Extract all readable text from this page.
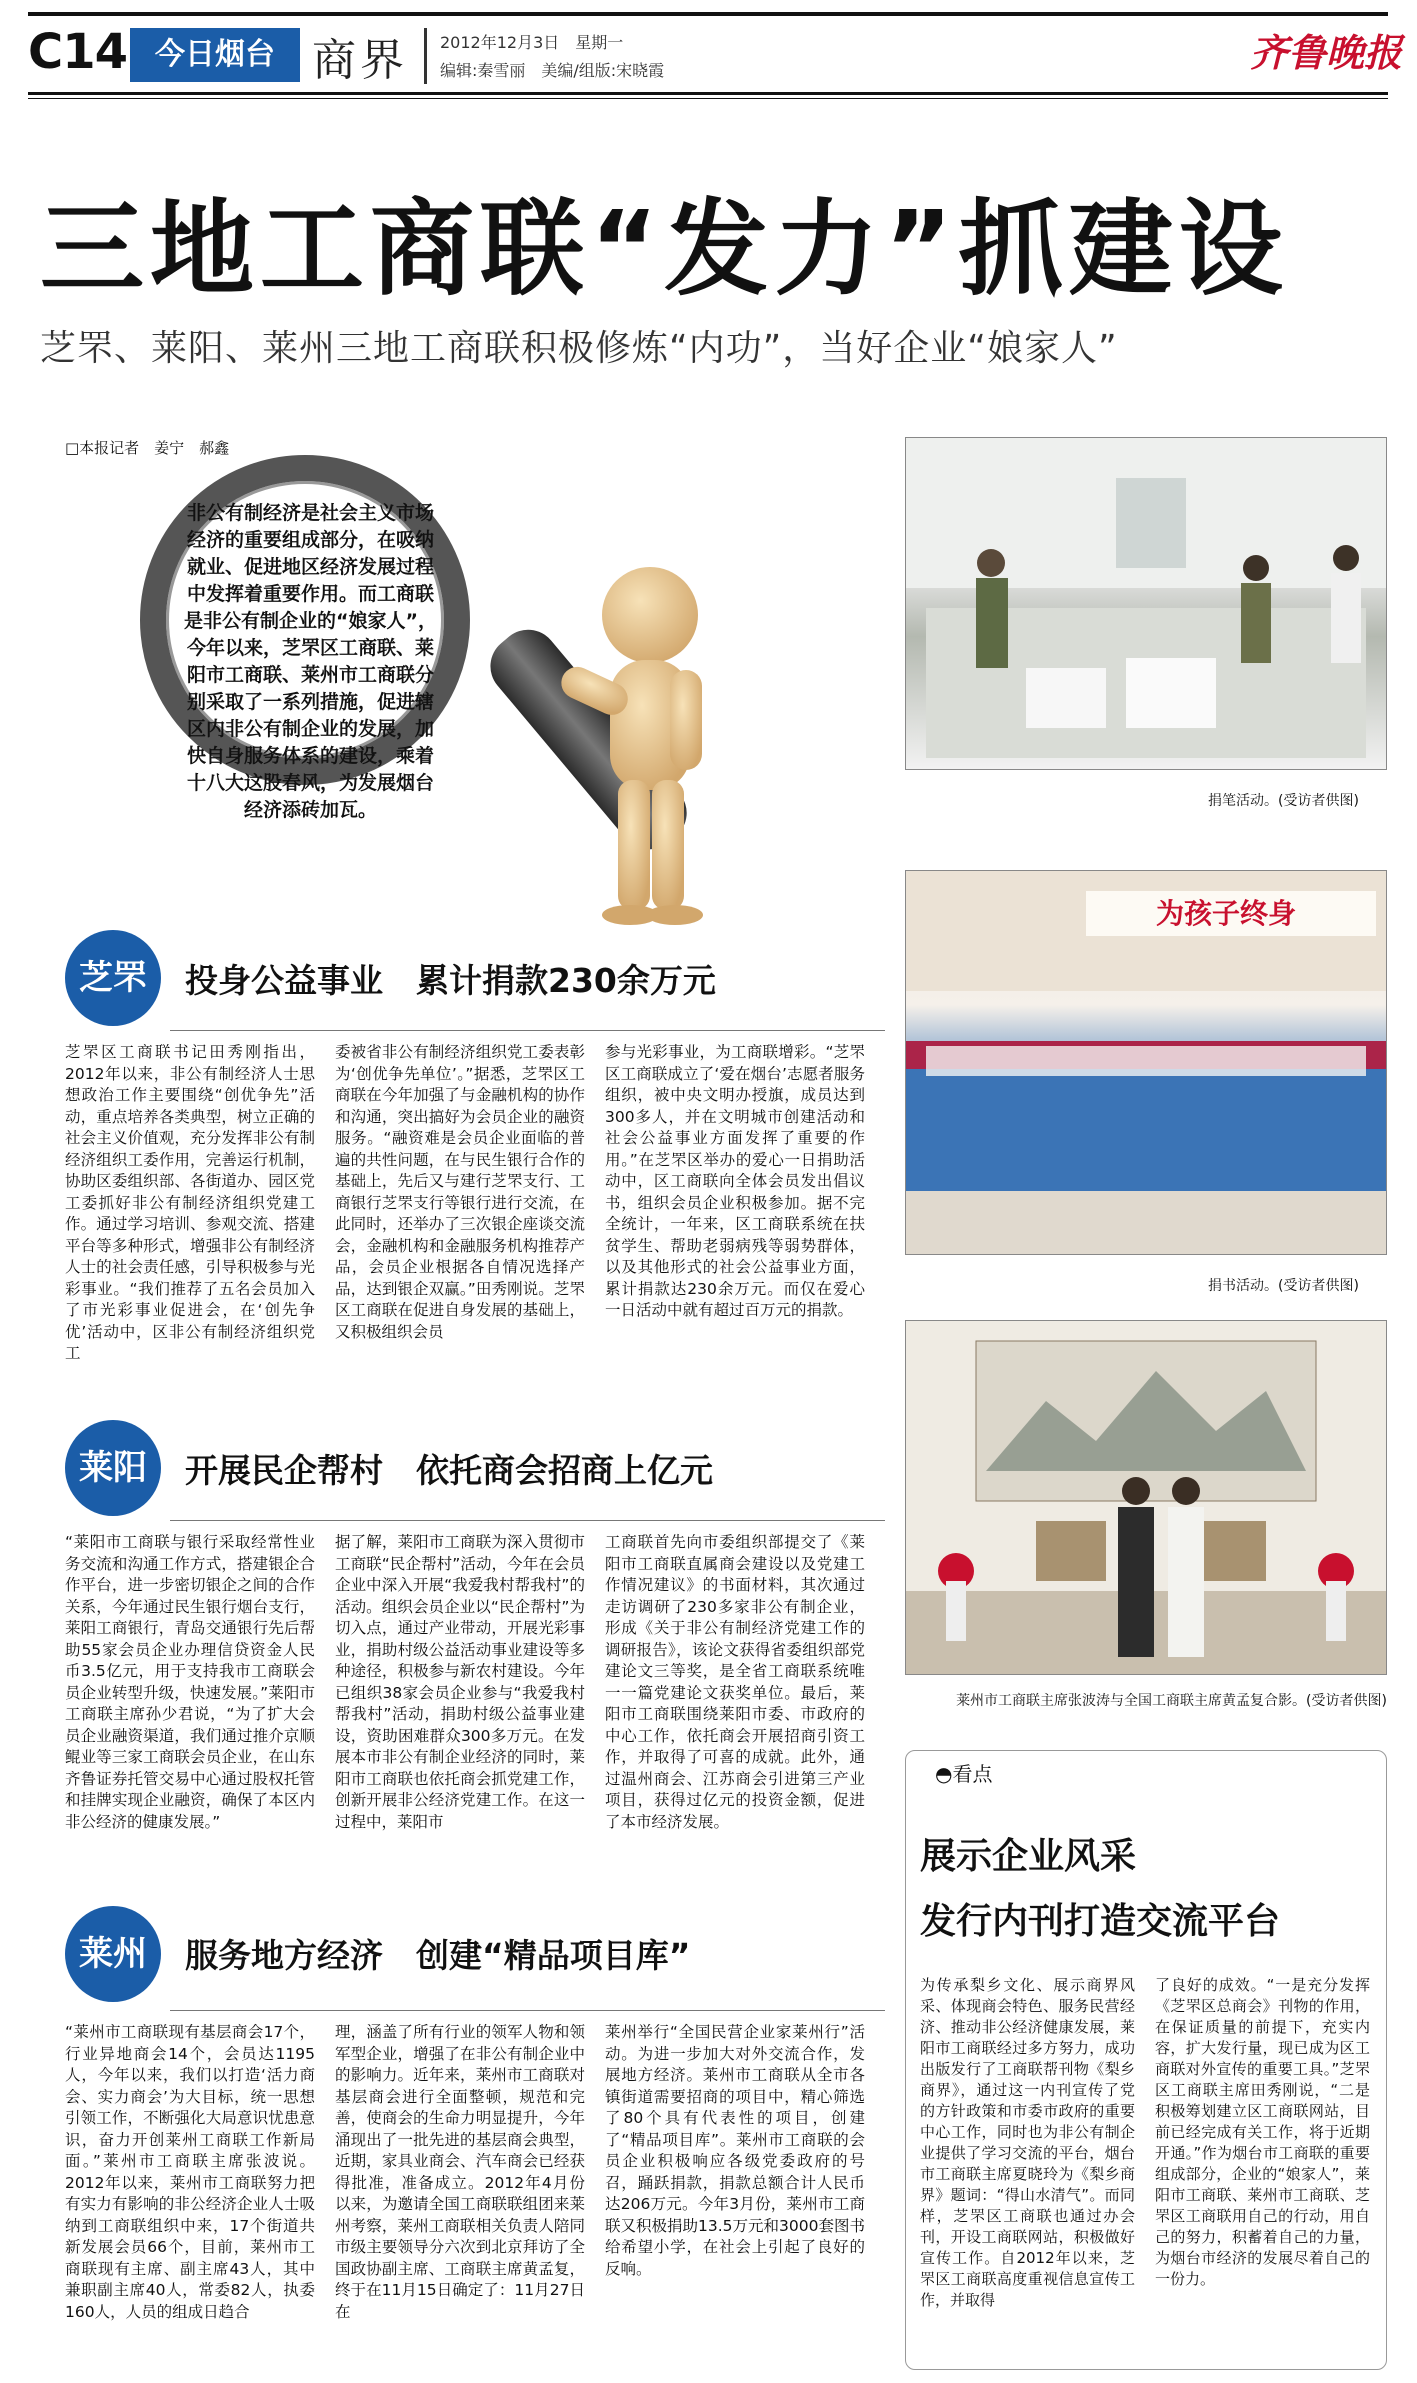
C14 今日烟台 商界 2012年12月3日　星期一
编辑:秦雪丽　美编/组版:宋晓霞	齐鲁晚报
三地工商联“发力”抓建设
芝罘、莱阳、莱州三地工商联积极修炼“内功”，当好企业“娘家人”
□本报记者　姜宁　郝鑫
非公有制经济是社会主义市场经济的重要组成部分，在吸纳就业、促进地区经济发展过程中发挥着重要作用。而工商联是非公有制企业的“娘家人”，今年以来，芝罘区工商联、莱阳市工商联、莱州市工商联分别采取了一系列措施，促进辖区内非公有制企业的发展，加快自身服务体系的建设，乘着十八大这股春风，为发展烟台经济添砖加瓦。	捐笔活动。(受访者供图)
为孩子终身
捐书活动。(受访者供图)
莱州市工商联主席张波涛与全国工商联主席黄孟复合影。(受访者供图)
芝罘	投身公益事业　累计捐款230余万元
芝罘区工商联书记田秀刚指出，2012年以来，非公有制经济人士思想政治工作主要围绕“创优争先”活动，重点培养各类典型，树立正确的社会主义价值观，充分发挥非公有制经济组织工委作用，完善运行机制，协助区委组织部、各街道办、园区党工委抓好非公有制经济组织党建工作。通过学习培训、参观交流、搭建平台等多种形式，增强非公有制经济人士的社会责任感，引导积极参与光彩事业。“我们推荐了五名会员加入了市光彩事业促进会，在‘创先争优’活动中，区非公有制经济组织党工
委被省非公有制经济组织党工委表彰为‘创优争先单位’。”据悉，芝罘区工商联在今年加强了与金融机构的协作和沟通，突出搞好为会员企业的融资服务。“融资难是会员企业面临的普遍的共性问题，在与民生银行合作的基础上，先后又与建行芝罘支行、工商银行芝罘支行等银行进行交流，在此同时，还举办了三次银企座谈交流会，金融机构和金融服务机构推荐产品，会员企业根据各自情况选择产品，达到银企双赢。”田秀刚说。芝罘区工商联在促进自身发展的基础上，又积极组织会员
参与光彩事业，为工商联增彩。“芝罘区工商联成立了‘爱在烟台’志愿者服务组织，被中央文明办授旗，成员达到300多人，并在文明城市创建活动和社会公益事业方面发挥了重要的作用。”在芝罘区举办的爱心一日捐助活动中，区工商联向全体会员发出倡议书，组织会员企业积极参加。据不完全统计，一年来，区工商联系统在扶贫学生、帮助老弱病残等弱势群体，以及其他形式的社会公益事业方面，累计捐款达230余万元。而仅在爱心一日活动中就有超过百万元的捐款。
莱阳	开展民企帮村　依托商会招商上亿元
“莱阳市工商联与银行采取经常性业务交流和沟通工作方式，搭建银企合作平台，进一步密切银企之间的合作关系，今年通过民生银行烟台支行，莱阳工商银行，青岛交通银行先后帮助55家会员企业办理信贷资金人民币3.5亿元，用于支持我市工商联会员企业转型升级，快速发展。”莱阳市工商联主席孙少君说，“为了扩大会员企业融资渠道，我们通过推介京顺鲲业等三家工商联会员企业，在山东齐鲁证券托管交易中心通过股权托管和挂牌实现企业融资，确保了本区内非公经济的健康发展。”
据了解，莱阳市工商联为深入贯彻市工商联“民企帮村”活动，今年在会员企业中深入开展“我爱我村帮我村”的活动。组织会员企业以“民企帮村”为切入点，通过产业带动，开展光彩事业，捐助村级公益活动事业建设等多种途径，积极参与新农村建设。今年已组织38家会员企业参与“我爱我村帮我村”活动，捐助村级公益事业建设，资助困难群众300多万元。在发展本市非公有制企业经济的同时，莱阳市工商联也依托商会抓党建工作，创新开展非公经济党建工作。在这一过程中，莱阳市
工商联首先向市委组织部提交了《莱阳市工商联直属商会建设以及党建工作情况建议》的书面材料，其次通过走访调研了230多家非公有制企业，形成《关于非公有制经济党建工作的调研报告》，该论文获得省委组织部党建论文三等奖，是全省工商联系统唯一一篇党建论文获奖单位。最后，莱阳市工商联围绕莱阳市委、市政府的中心工作，依托商会开展招商引资工作，并取得了可喜的成就。此外，通过温州商会、江苏商会引进第三产业项目，获得过亿元的投资金额，促进了本市经济发展。
莱州	服务地方经济　创建“精品项目库”
“莱州市工商联现有基层商会17个，行业异地商会14个，会员达1195人，今年以来，我们以打造‘活力商会、实力商会’为大目标，统一思想引领工作，不断强化大局意识忧患意识，奋力开创莱州工商联工作新局面。”莱州市工商联主席张波说。2012年以来，莱州市工商联努力把有实力有影响的非公经济企业人士吸纳到工商联组织中来，17个街道共新发展会员66个，目前，莱州市工商联现有主席、副主席43人，其中兼职副主席40人，常委82人，执委160人，人员的组成日趋合
理，涵盖了所有行业的领军人物和领军型企业，增强了在非公有制企业中的影响力。近年来，莱州市工商联对基层商会进行全面整顿，规范和完善，使商会的生命力明显提升，今年涌现出了一批先进的基层商会典型，近期，家具业商会、汽车商会已经获得批准，准备成立。2012年4月份以来，为邀请全国工商联联组团来莱州考察，莱州工商联相关负责人陪同市级主要领导分六次到北京拜访了全国政协副主席、工商联主席黄孟复，终于在11月15日确定了：11月27日在
莱州举行“全国民营企业家莱州行”活动。为进一步加大对外交流合作，发展地方经济。莱州市工商联从全市各镇街道需要招商的项目中，精心筛选了80个具有代表性的项目，创建了“精品项目库”。莱州市工商联的会员企业积极响应各级党委政府的号召，踊跃捐款，捐款总额合计人民币达206万元。今年3月份，莱州市工商联又积极捐助13.5万元和3000套图书给希望小学，在社会上引起了良好的反响。
◓看点
展示企业风采
发行内刊打造交流平台
为传承梨乡文化、展示商界风采、体现商会特色、服务民营经济、推动非公经济健康发展，莱阳市工商联经过多方努力，成功出版发行了工商联帮刊物《梨乡商界》，通过这一内刊宣传了党的方针政策和市委市政府的重要中心工作，同时也为非公有制企业提供了学习交流的平台，烟台市工商联主席夏晓玲为《梨乡商界》题词：“得山水清气”。而同样，芝罘区工商联也通过办会刊，开设工商联网站，积极做好宣传工作。自2012年以来，芝罘区工商联高度重视信息宣传工作，并取得
了良好的成效。“一是充分发挥《芝罘区总商会》刊物的作用，在保证质量的前提下，充实内容，扩大发行量，现已成为区工商联对外宣传的重要工具。”芝罘区工商联主席田秀刚说，“二是积极筹划建立区工商联网站，目前已经完成有关工作，将于近期开通。”作为烟台市工商联的重要组成部分，企业的“娘家人”，莱阳市工商联、莱州市工商联、芝罘区工商联用自己的行动，用自己的努力，积蓄着自己的力量，为烟台市经济的发展尽着自己的一份力。
